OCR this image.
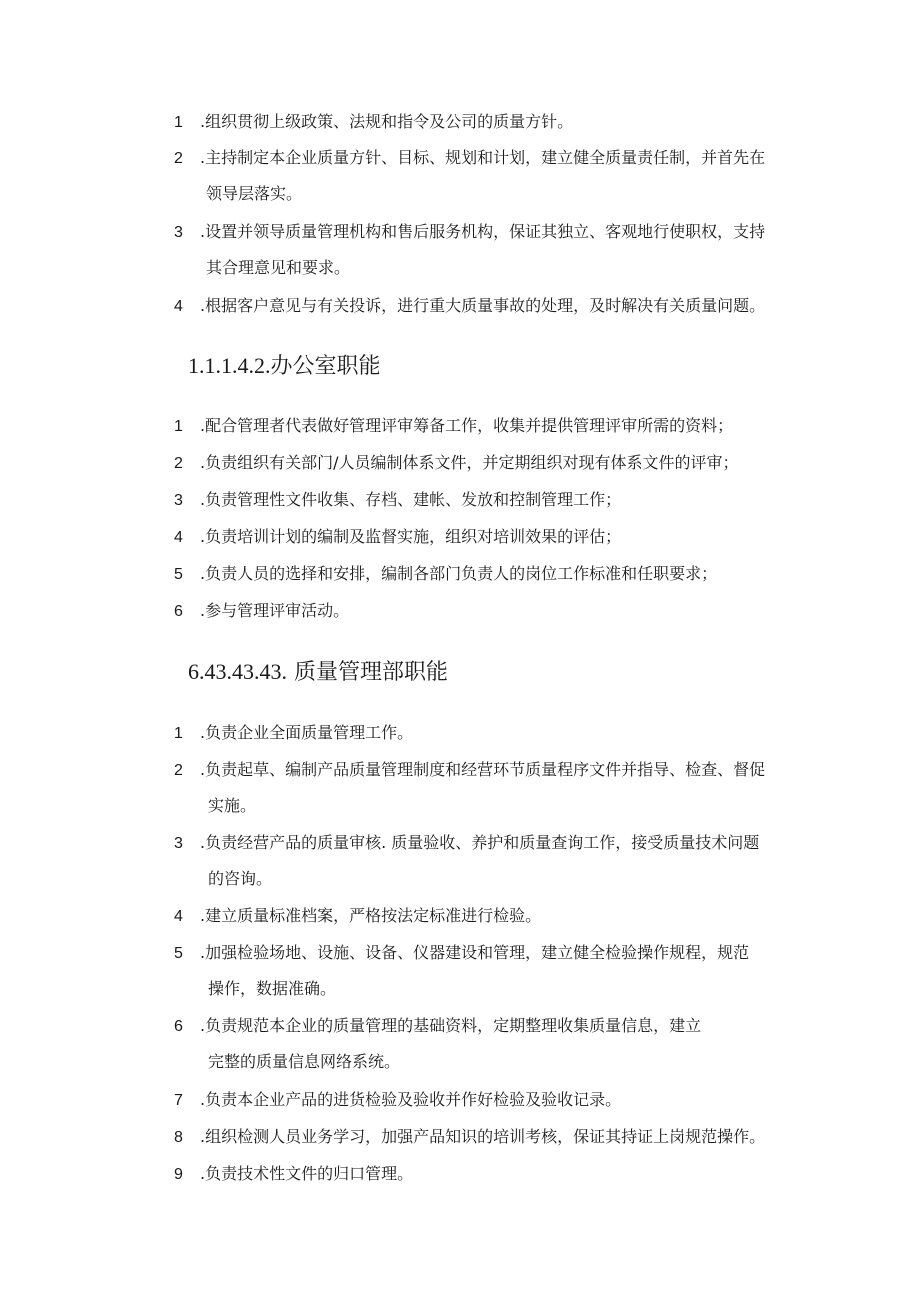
1 .组织贯彻上级政策、法规和指令及公司的质量方针。
2 .主持制定本企业质量方针、目标、规划和计划，建立健全质量责任制，并首先在
领导层落实。
3 .设置并领导质量管理机构和售后服务机构，保证其独立、客观地行使职权，支持
其合理意见和要求。
4 .根据客户意见与有关投诉，进行重大质量事故的处理，及时解决有关质量问题。
1.1.1.4.2.办公室职能
1 .配合管理者代表做好管理评审筹备工作，收集并提供管理评审所需的资料；
2 .负责组织有关部门/人员编制体系文件，并定期组织对现有体系文件的评审；
3 .负责管理性文件收集、存档、建帐、发放和控制管理工作；
4 .负责培训计划的编制及监督实施，组织对培训效果的评估；
5 .负责人员的选择和安排，编制各部门负责人的岗位工作标准和任职要求；
6 .参与管理评审活动。
6.43.43.43. 质量管理部职能
1 .负责企业全面质量管理工作。
2 .负责起草、编制产品质量管理制度和经营环节质量程序文件并指导、检查、督促
实施。
3 .负责经营产品的质量审核. 质量验收、养护和质量查询工作，接受质量技术问题
的咨询。
4 .建立质量标准档案，严格按法定标准进行检验。
5 .加强检验场地、设施、设备、仪器建设和管理，建立健全检验操作规程，规范
操作，数据准确。
6 .负责规范本企业的质量管理的基础资料，定期整理收集质量信息，建立
完整的质量信息网络系统。
7 .负责本企业产品的进货检验及验收并作好检验及验收记录。
8 .组织检测人员业务学习，加强产品知识的培训考核，保证其持证上岗规范操作。
9 .负责技术性文件的归口管理。
